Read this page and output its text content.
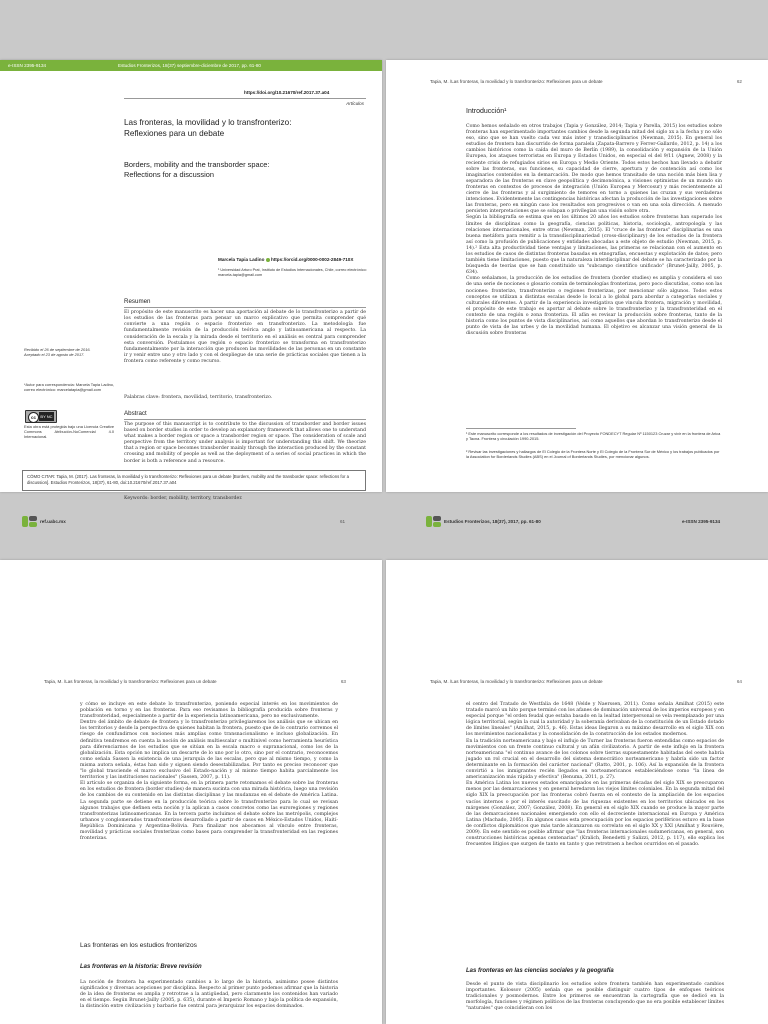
e-ISSN 2395-9134	Estudios Fronterizos, 18(37) septiembre-diciembre de 2017, pp. 61-80
https://doi.org/10.21670/ref.2017.37.a04
Artículos
Las fronteras, la movilidad y lo transfronterizo:
Reflexiones para un debate
Borders, mobility and the transborder space:
Reflections for a discussion
Marcela Tapia Ladino  https://orcid.org/0000-0002-2849-710X
¹ Universidad Arturo Prat, Instituto de Estudios Internacionales, Chile, correo electrónico: marcela-tapia@gmail.com
Resumen
El propósito de este manuscrito es hacer una aportación al debate de lo transfronterizo a partir de los estudios de las fronteras para pensar un marco explicativo que permita comprender qué convierte a una región o espacio fronterizo en transfronterizo. La metodología fue fundamentalmente revisión de la producción teórica anglo y latinoamericana al respecto. La consideración de la escala y la mirada desde el territorio en el análisis es central para comprender esta conversión. Postulamos que región o espacio fronterizo se transforma en transfronterizo fundamentalmente por la interacción que producen las movilidades de las personas en un constante ir y venir entre uno y otro lado y con el despliegue de una serie de prácticas sociales que tienen a la frontera como referente y como recurso.
Palabras clave: frontera, movilidad, territorio, transfronterizo.
Abstract
The purpose of this manuscript is to contribute to the discussion of transborder and border issues based on border studies in order to develop an explanatory framework that allows one to understand what makes a border region or space a transborder region or space. The consideration of scale and perspective from the territory under analysis is important for understanding this shift. We theorize that a region or space becomes transborder mainly through the interaction produced by the constant crossing and mobility of people as well as the deployment of a series of social practices in which the border is both a reference and a resource.
Keywords: border, mobility, territory, transborder.
Recibido el 26 de septiembre de 2016.
Aceptado el 23 de agosto de 2017.
*Autor para correspondencia: Marcela Tapia Ladino, correo electrónico: marcelatapia@gmail.com
cc	BY NC
Esta obra está protegida bajo una Licencia Creative Commons Atribución-NoComercial 4.0 Internacional.
CÓMO CITAR: Tapia, M. (2017). Las fronteras, la movilidad y lo transfronterizo: Reflexiones para un debate [Borders, mobility and the transborder space: reflections for a discussion]. Estudios Fronterizos, 18(37), 61-80, doi:10.21670/ref.2017.37.a04
Tapia, M. /Las fronteras, la movilidad y lo transfronterizo: Reflexiones para un debate	62
Introducción¹
Como hemos señalado en otros trabajos (Tapia y González, 2014; Tapia y Parella, 2015) los estudios sobre fronteras han experimentado importantes cambios desde la segunda mitad del siglo xx a la fecha y no sólo eso, sino que se han vuelto cada vez más inter y transdisciplinarios (Newman, 2015). En general los estudios de frontera han discurrido de forma paralela (Zapata-Barrero y Ferrer-Gallardo, 2012, p. 14) a los cambios históricos como la caída del muro de Berlín (1989), la consolidación y expansión de la Unión Europea, los ataques terroristas en Europa y Estados Unidos, en especial el del 9/11 (Agnew, 2008) y la reciente crisis de refugiados sirios en Europa y Medio Oriente. Todos estos hechos han llevado a debatir sobre las fronteras, sus funciones, su capacidad de cierre, apertura y de contención así como los imaginarios contenidos en la demarcación. De modo que hemos transitado de una noción más bien lisa y separadora de las fronteras en clave geopolítica y decimonónica, a visiones optimistas de un mundo sin fronteras en contextos de procesos de integración (Unión Europea y Mercosur) y más recientemente al cierre de las fronteras y al surgimiento de temores en torno a quienes las cruzan y sus verdaderas intenciones. Evidentemente las contingencias históricas afectan la producción de las investigaciones sobre las fronteras, pero en ningún caso los resultados son progresivos o van en una sola dirección. A menudo persisten interpretaciones que se solapan o privilegian una visión sobre otra.
Según la bibliografía se estima que en los últimos 20 años los estudios sobre fronteras han superado los límites de disciplinas como la geografía, ciencias políticas, historia, sociología, antropología y las relaciones internacionales, entre otras (Newman, 2015). El "cruce de las fronteras" disciplinarias es una buena metáfora para remitir a la transdisciplinariedad (cross-disciplinary) de los estudios de la frontera así como la profusión de publicaciones y entidades abocadas a este objeto de estudio (Newman, 2015, p. 14).² Esta alta productividad tiene ventajas y limitaciones, las primeras se relacionan con el aumento en los estudios de casos de distintas fronteras basadas en etnografías, encuestas y explotación de datos; pero también tiene limitaciones, puesto que la naturaleza interdisciplinar del debate se ha caracterizado por la búsqueda de teorías que se han constituido un "subcampo científico unificado" (Brunet-Jailly, 2005, p. 634).
Como señalamos, la producción de los estudios de frontera (border studies) es amplia y considera el uso de una serie de nociones o glosario común de terminologías fronterizas, pero poco discutidas, como son las nociones: fronterizo, transfronterizo o regiones fronterizas, por mencionar sólo algunos. Todos estos conceptos se utilizan a distintas escalas desde lo local a lo global para abordar a categorías sociales y culturales diferentes. A partir de la experiencia investigativa que vincula frontera, migración y movilidad, el propósito de este trabajo es aportar al debate sobre lo transfronterizo y la transfronteridad en el contexto de una región o zona fronteriza. El afán es revisar la producción sobre fronteras, tanto de la historia como los puntos de vista disciplinarios, así como aquellos que abordan lo transfronterizo desde el punto de vista de las urbes y de la movilidad humana. El objetivo es alcanzar una visión general de la discusión sobre fronteras
¹ Este manuscrito corresponde a los resultados de investigación del Proyecto FONDECYT Regular Nº 1150123 Cruzar y vivir en la frontera de Arica y Tacna. Frontera y circulación 1990-2015.
² Revisar las investigaciones y hallazgos de El Colegio de la Frontera Norte y El Colegio de la Frontera Sur de México y los trabajos publicados por la Association for Borderlands Studies (ABS) en el Journal of Borderlands Studies, por mencionar algunos.
ref.uabc.mx	61	Estudios Fronterizos, 18(37), 2017, pp. 61-80	e-ISSN 2395-9134
Tapia, M. /Las fronteras, la movilidad y lo transfronterizo: Reflexiones para un debate	63
y cómo se incluye en este debate lo transfronterizo, poniendo especial interés en los movimientos de población en torno y en las fronteras. Para eso revisamos la bibliografía producida sobre fronteras y transfronteridad, especialmente a partir de la experiencia latinoamericana, pero no exclusivamente.
Dentro del ámbito de debate de frontera y lo transfronterizo privilegiaremos los análisis que se ubican en los territorios y desde la perspectiva de quienes habitan la frontera, puesto que de lo contrario corremos el riesgo de confundirnos con nociones más amplias como transnacionalismo e incluso globalización. En definitiva tendremos en cuenta la noción de análisis multiescalar o multinivel como herramienta heurística para diferenciarnos de los estudios que se sitúan en la escala macro o supranacional, como los de la globalización. Esta opción no implica un descarte de lo uno por lo otro, sino por el contrario, reconocemos como señala Sassen la existencia de una jerarquía de las escalas, pero que al mismo tiempo, y como la misma autora señala, éstas han sido y siguen siendo desestabilizadas. Por tanto es preciso reconocer que "lo global trasciende el marco exclusivo del Estado-nación y al mismo tiempo habita parcialmente los territorios y las instituciones nacionales" (Sassen, 2007, p. 11).
El artículo se organiza de la siguiente forma, en la primera parte retomamos el debate sobre las fronteras en los estudios de frontera (border studies) de manera sucinta con una mirada histórica, luego una revisión de los cambios de su contenido en las distintas disciplinas y las mudanzas en el debate de América Latina. La segunda parte se detiene en la producción teórica sobre lo transfronterizo para lo cual se revisan algunos trabajos que definen esta noción y la aplican a casos concretos como las euroregiones y regiones transfronterizas latinoamericanas. En la tercera parte incluimos el debate sobre las metrópolis, complejos urbanos y conglomerados transfronterizos desarrollado a partir de casos en México-Estados Unidos, Haití-República Dominicana y Argentina-Bolivia. Para finalizar nos abocamos al vínculo entre fronteras, movilidad y prácticas sociales fronterizas como bases para comprender la transfronteridad en las regiones fronterizas.
Las fronteras en los estudios fronterizos
Las fronteras en la historia: Breve revisión
La noción de frontera ha experimentado cambios a lo largo de la historia, asimismo posee distintos significados y diversas acepciones por disciplina. Respecto al primer punto podemos afirmar que la historia de la idea de fronteras es amplia y retrotrae a la antigüedad, pero claramente los contenidos han variado en el tiempo. Según Brunet-Jailly (2005, p. 635), durante el Imperio Romano y bajo la política de expansión, la distinción entre civilización y barbarie fue central para jerarquizar los espacios dominados.
Tapia, M. /Las fronteras, la movilidad y lo transfronterizo: Reflexiones para un debate	64
el centro del Tratado de Westfalia de 1648 (Velde y Naerssen, 2011). Como señala Amilhat (2015) este tratado marcó un hito porque terminó con los afanes de dominación universal de los imperios europeos y en especial porque "el orden feudal que estaba basado en la lealtad interpersonal se vela reemplazado por una lógica territorial, según la cual la autoridad y la soberanía derivaban de la constitución de un Estado dotado de límites lineales" (Amilhat, 2015, p. 46). Estas ideas llegaron a su máximo desarrollo en el siglo XIX con los movimientos nacionalistas y la consolidación de la construcción de los estados modernos.
En la tradición norteamericana y bajo el influjo de Turner las fronteras fueron entendidas como espacios de movimientos con un frente continuo cultural y un afán civilizatorio. A partir de este influjo en la frontera norteamericana "el continuo avance de los colonos sobre tierras supuestamente habitadas del oeste habría jugado un rol crucial en el desarrollo del sistema democrático norteamericano y habría sido un factor determinante en la formación del carácter nacional" (Ratto, 2001, p. 106). Así la expansión de la frontera convirtió a los inmigrantes recién llegados en norteamericanos estableciéndose como "la línea de americanización más rápida y efectiva" (Benuma, 2011, p. 27).
En América Latina los nuevos estados emancipados en las primeras décadas del siglo XIX se preocuparon menos por las demarcaciones y en general heredaron los viejos límites coloniales. En la segunda mitad del siglo XIX la preocupación por las fronteras cobró fuerza en el contexto de la ampliación de los espacios vacíos internos o por el interés suscitado de las riquezas existentes en los territorios ubicados en los márgenes (González, 2007; González, 2008). En general en el siglo XIX cuando se produce la mayor parte de las demarcaciones nacionales emergiendo con ello el decreciente internacional en Europa y América Latina (Machado, 2005). En algunos casos esta preocupación por los espacios periféricos estuvo en la base de conflictos diplomáticos que más tarde alcanzaron su correlato en el siglo XX y XXI (Amilhat y Rouvière, 2009). En este sentido es posible afirmar que "las fronteras internacionales sudamericanas, en general, son construcciones históricas apenas centenarias" (Kralich, Benedetti y Salizzi, 2012, p. 117), ello explica los frecuentes litigios que surgen de tanto en tanto y que retrotraen a hechos ocurridos en el pasado.
Las fronteras en las ciencias sociales y la geografía
Desde el punto de vista disciplinario los estudios sobre frontera también han experimentado cambios importantes. Kolossov (2005) señala que es posible distinguir cuatro tipos de enfoques teóricos tradicionales y posmodernos. Entre los primeros se encuentran la cartografía que se dedicó en la morfología, funciones y régimen políticos de las fronteras concluyendo que no era posible establecer límites "naturales" que coincidieran con los
